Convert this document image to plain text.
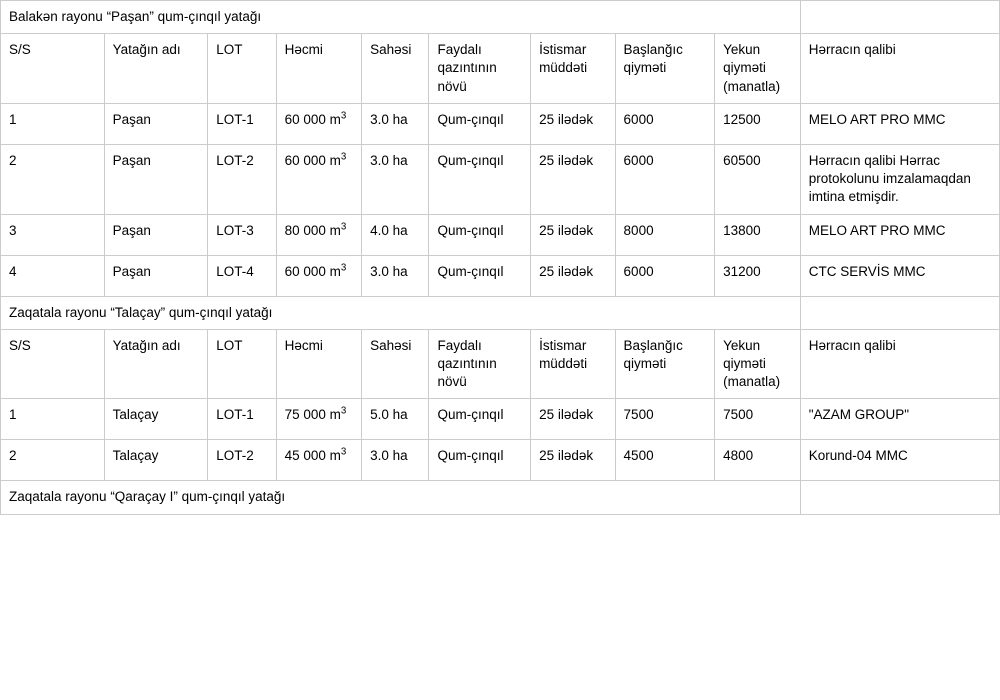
Balakən rayonu “Paşan” qum-çınqıl yatağı									
S/S	Yatağın adı	LOT	Həcmi	Sahəsi	Faydalı qazıntının növü	İstismar müddəti	Başlanğıc qiyməti	Yekun qiyməti (manatla)	Hərracın qalibi
1	Paşan	LOT-1	60 000 $m^3$	3.0 ha	Qum-çınqıl	25 ilədək	6000	12500	MELO ART PRO MMC
2	Paşan	LOT-2	60 000 $m^3$	3.0 ha	Qum-çınqıl	25 ilədək	6000	60500	Hərracın qalibi Hərrac protokolunu imzalamaqdan imtina etmişdir.
3	Paşan	LOT-3	80 000 $m^3$	4.0 ha	Qum-çınqıl	25 ilədək	8000	13800	MELO ART PRO MMC
4	Paşan	LOT-4	60 000 $m^3$	3.0 ha	Qum-çınqıl	25 ilədək	6000	31200	CTC SERVİS MMC
Zaqatala rayonu “Talaçay” qum-çınqıl yatağı									
S/S	Yatağın adı	LOT	Həcmi	Sahəsi	Faydalı qazıntının növü	İstismar müddəti	Başlanğıc qiyməti	Yekun qiyməti (manatla)	Hərracın qalibi
1	Talaçay	LOT-1	75 000 $m^3$	5.0 ha	Qum-çınqıl	25 ilədək	7500	7500	"AZAM GROUP"
2	Talaçay	LOT-2	45 000 $m^3$	3.0 ha	Qum-çınqıl	25 ilədək	4500	4800	Korund-04 MMC
Zaqatala rayonu “Qaraçay I” qum-çınqıl yatağı									
